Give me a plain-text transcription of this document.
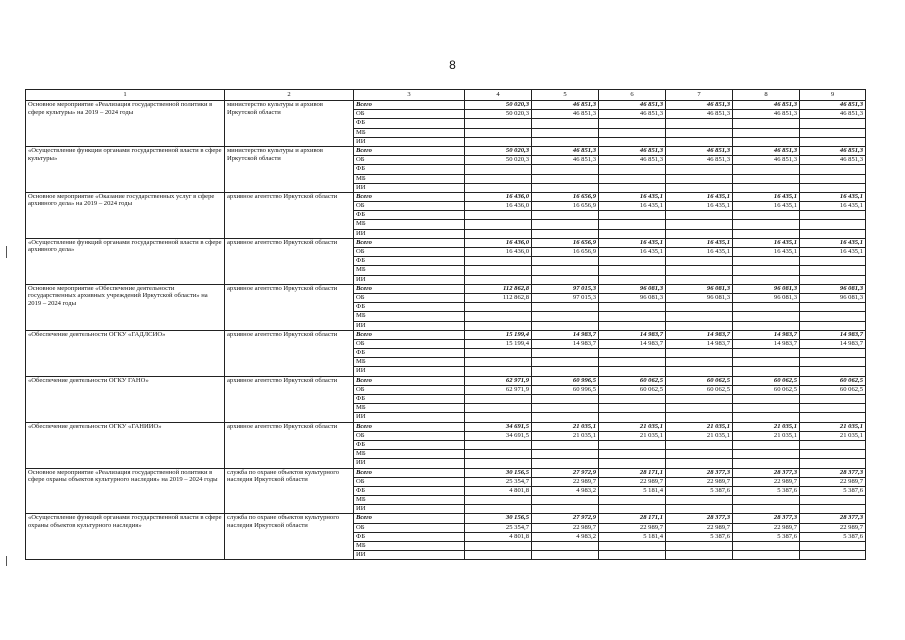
8
1	2	3	4	5	6	7	8	9
Основное мероприятие «Реализация государственной политики в сфере культуры» на 2019 – 2024 годы	министерство культуры и архивов Иркутской области	Всего	50 020,3	46 851,3	46 851,3	46 851,3	46 851,3	46 851,3
		ОБ	50 020,3	46 851,3	46 851,3	46 851,3	46 851,3	46 851,3
		ФБ						
		МБ						
		ИИ						
«Осуществление функции органами государственной власти в сфере культуры»	министерство культуры и архивов Иркутской области	Всего	50 020,3	46 851,3	46 851,3	46 851,3	46 851,3	46 851,3
		ОБ	50 020,3	46 851,3	46 851,3	46 851,3	46 851,3	46 851,3
		ФБ						
		МБ						
		ИИ						
Основное мероприятие «Оказание государственных услуг в сфере архивного дела» на 2019 – 2024 годы	архивное агентство Иркутской области	Всего	16 436,0	16 656,9	16 435,1	16 435,1	16 435,1	16 435,1
		ОБ	16 436,0	16 656,9	16 435,1	16 435,1	16 435,1	16 435,1
		ФБ						
		МБ						
		ИИ						
«Осуществление функций органами государственной власти в сфере архивного дела»	архивное агентство Иркутской области	Всего	16 436,0	16 656,9	16 435,1	16 435,1	16 435,1	16 435,1
		ОБ	16 436,0	16 656,9	16 435,1	16 435,1	16 435,1	16 435,1
		ФБ						
		МБ						
		ИИ						
Основное мероприятие «Обеспечение деятельности государственных архивных учреждений Иркутской области» на 2019 – 2024 годы	архивное агентство Иркутской области	Всего	112 862,8	97 015,3	96 081,3	96 081,3	96 081,3	96 081,3
		ОБ	112 862,8	97 015,3	96 081,3	96 081,3	96 081,3	96 081,3
		ФБ						
		МБ						
		ИИ						
«Обеспечение деятельности ОГКУ «ГАДЛСИО»	архивное агентство Иркутской области	Всего	15 199,4	14 983,7	14 983,7	14 983,7	14 983,7	14 983,7
		ОБ	15 199,4	14 983,7	14 983,7	14 983,7	14 983,7	14 983,7
		ФБ						
		МБ						
		ИИ						
«Обеспечение деятельности ОГКУ ГАНО»	архивное агентство Иркутской области	Всего	62 971,9	60 996,5	60 062,5	60 062,5	60 062,5	60 062,5
		ОБ	62 971,9	60 996,5	60 062,5	60 062,5	60 062,5	60 062,5
		ФБ						
		МБ						
		ИИ						
«Обеспечение деятельности ОГКУ «ГАНИИО»	архивное агентство Иркутской области	Всего	34 691,5	21 035,1	21 035,1	21 035,1	21 035,1	21 035,1
		ОБ	34 691,5	21 035,1	21 035,1	21 035,1	21 035,1	21 035,1
		ФБ						
		МБ						
		ИИ						
Основное мероприятие «Реализация государственной политики в сфере охраны объектов культурного наследия» на 2019 – 2024 годы	служба по охране объектов культурного наследия Иркутской области	Всего	30 156,5	27 972,9	28 171,1	28 377,3	28 377,3	28 377,3
		ОБ	25 354,7	22 989,7	22 989,7	22 989,7	22 989,7	22 989,7
		ФБ	4 801,8	4 983,2	5 181,4	5 387,6	5 387,6	5 387,6
		МБ						
		ИИ						
«Осуществление функций органами государственной власти в сфере охраны объектов культурного наследия»	служба по охране объектов культурного наследия Иркутской области	Всего	30 156,5	27 972,9	28 171,1	28 377,3	28 377,3	28 377,3
		ОБ	25 354,7	22 989,7	22 989,7	22 989,7	22 989,7	22 989,7
		ФБ	4 801,8	4 983,2	5 181,4	5 387,6	5 387,6	5 387,6
		МБ						
		ИИ						
